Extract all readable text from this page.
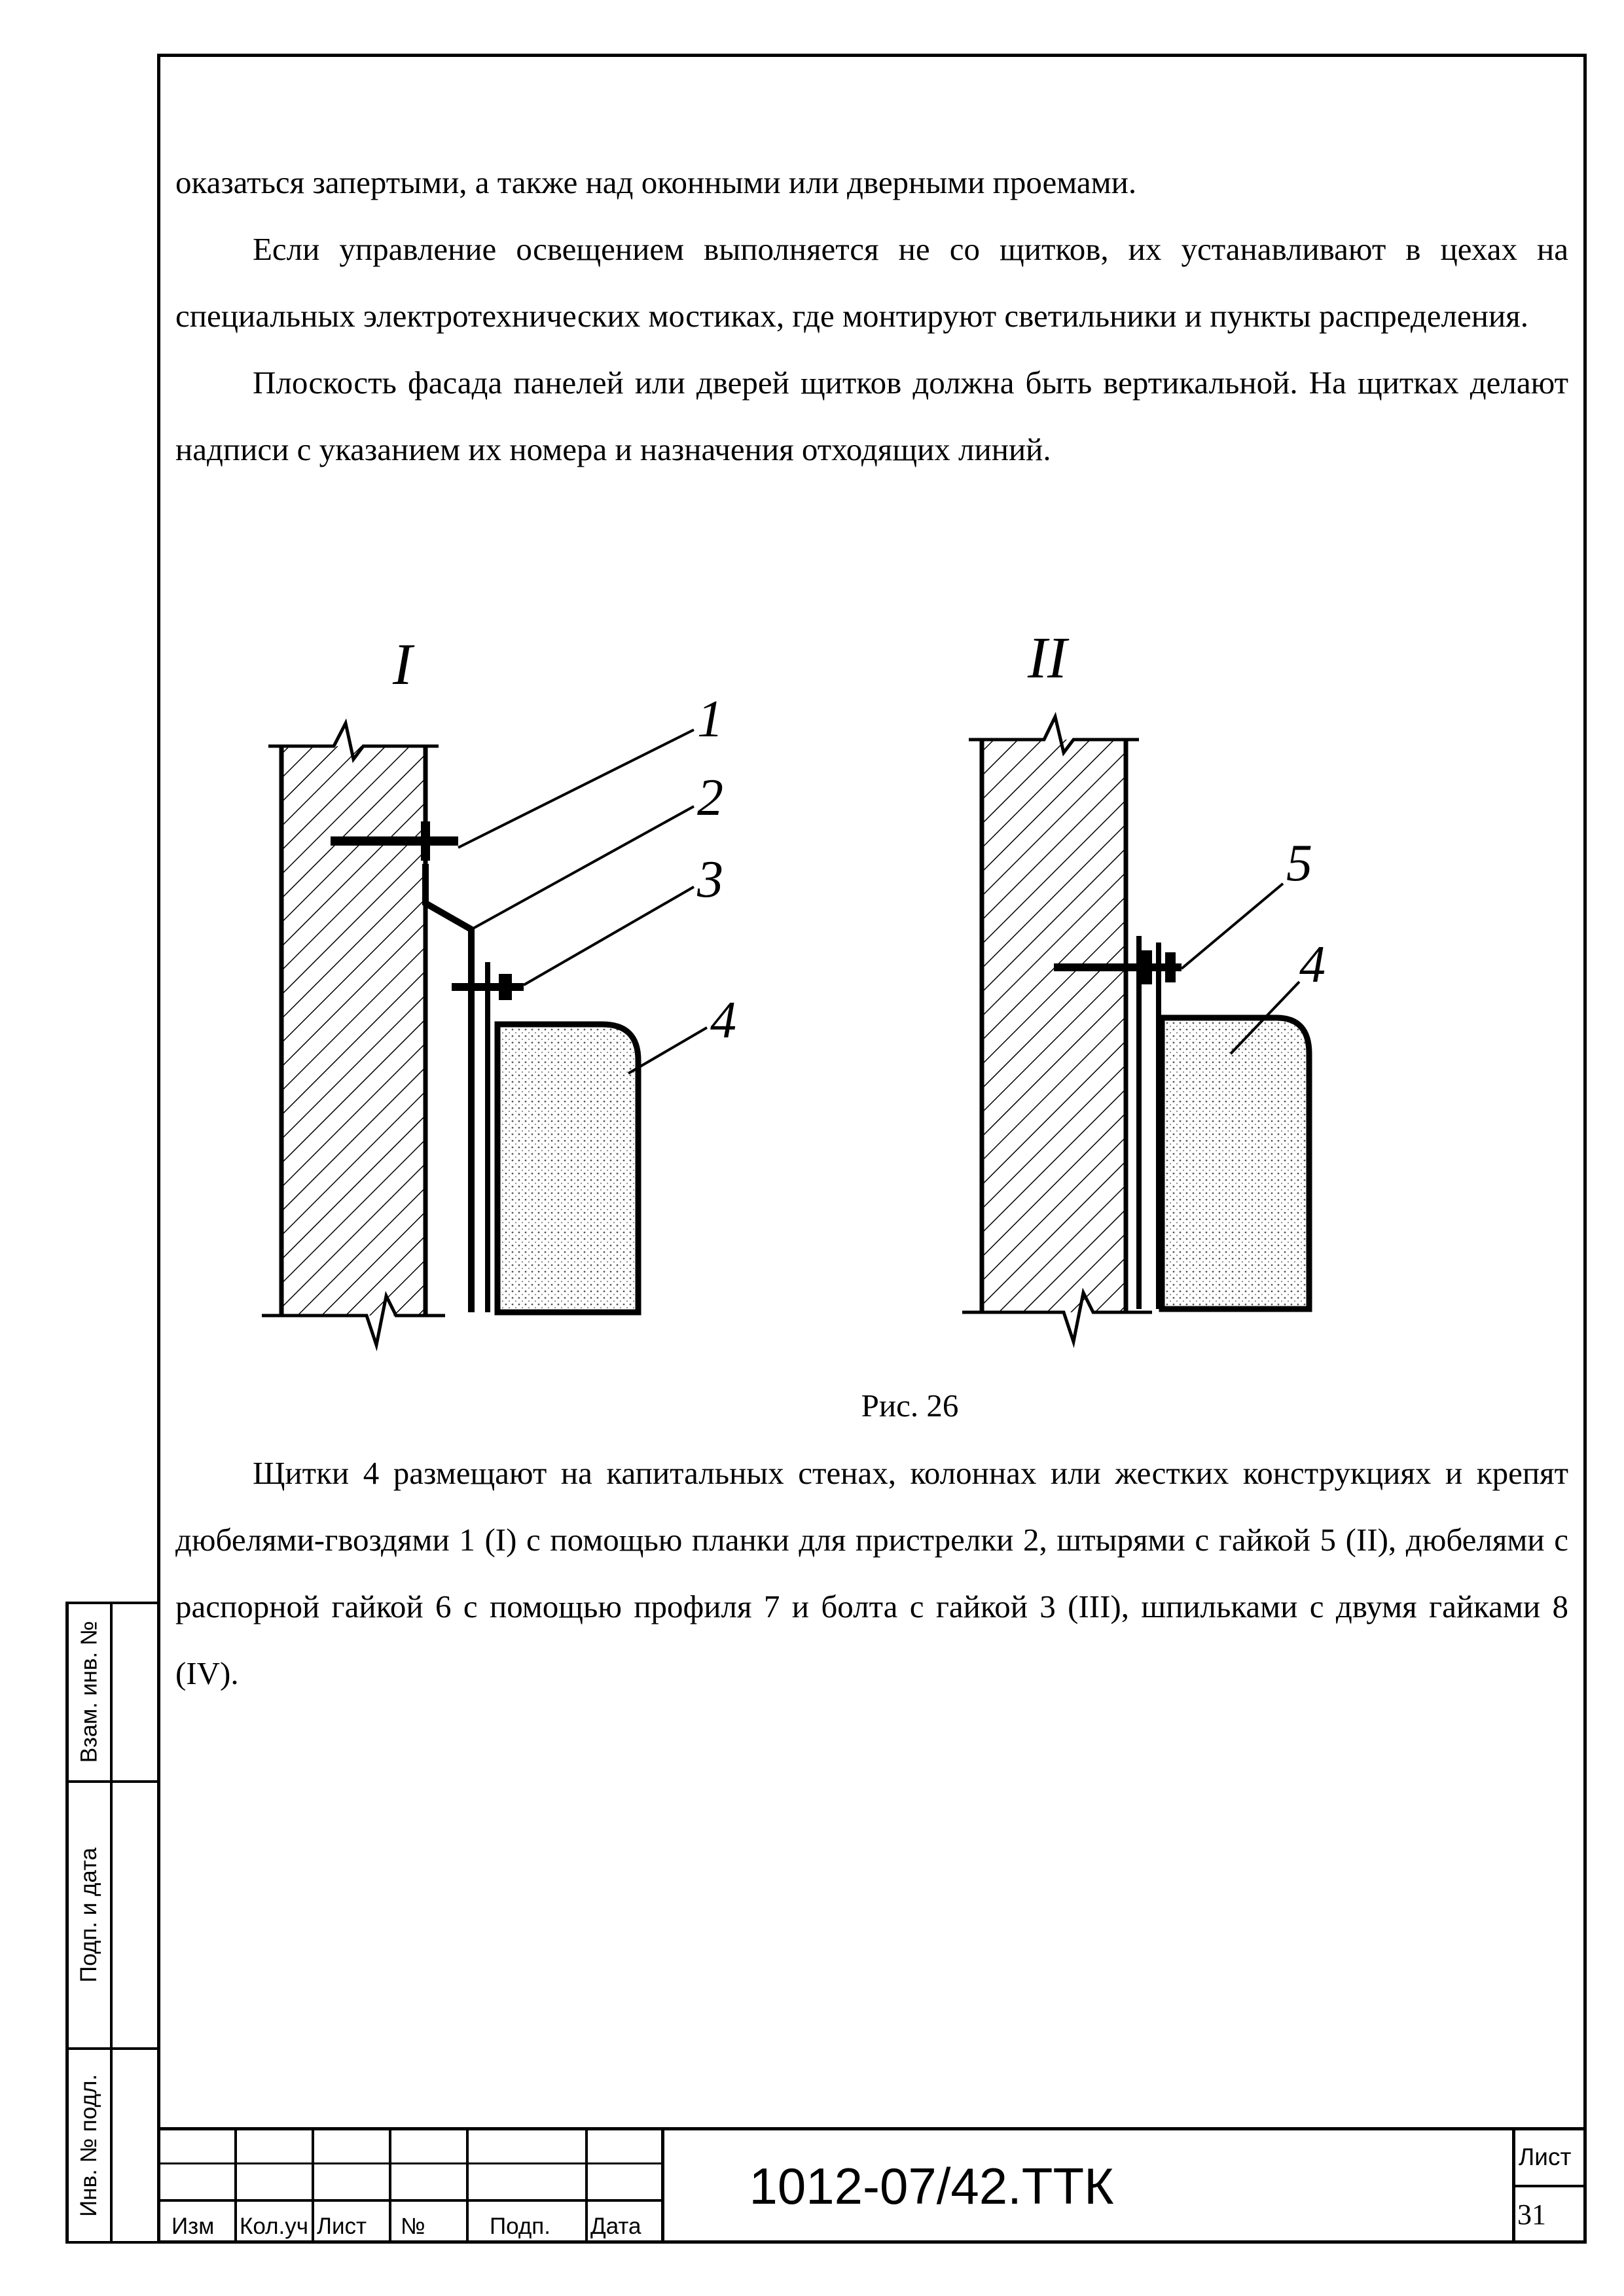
оказаться запертыми, а также над оконными или дверными проемами.

Если управление освещением выполняется не со щитков, их устанавливают в цехах на специальных электротехнических мостиках, где монтируют светильники и пункты распределения.

Плоскость фасада панелей или дверей щитков должна быть вертикальной. На щитках делают надписи с указанием их номера и назначения отходящих линий.

I
1
2
3
4
II
5
4
Рис. 26

Щитки 4 размещают на капитальных стенах, колоннах или жестких конструкциях и крепят дюбелями-гвоздями 1 (I) с помощью планки для пристрелки 2, штырями с гайкой 5 (II), дюбелями с распорной гайкой 6 с помощью профиля 7 и болта с гайкой 3 (III), шпильками с двумя гайками 8 (IV).

Изм Кол.уч Лист №	Подп. Дата
1012-07/42.ТТК
Лист
31
Взам. инв. №
Подп. и дата
Инв. № подл.
